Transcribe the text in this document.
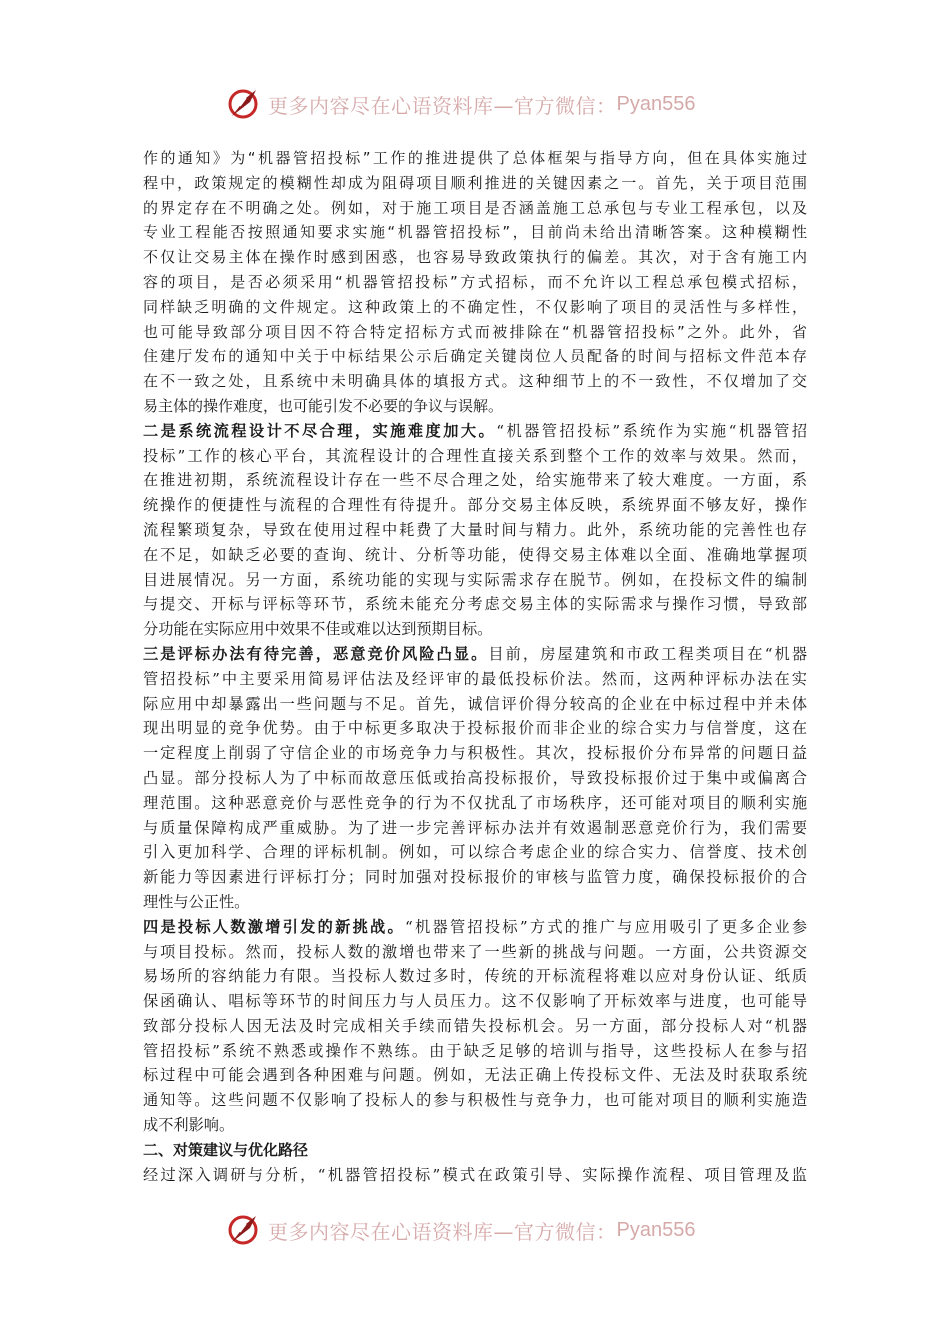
更多内容尽在心语资料库—官方微信： Pyan556
作的通知》为“机器管招投标”工作的推进提供了总体框架与指导方向，但在具体实施过
程中，政策规定的模糊性却成为阻碍项目顺利推进的关键因素之一。首先，关于项目范围
的界定存在不明确之处。例如，对于施工项目是否涵盖施工总承包与专业工程承包，以及
专业工程能否按照通知要求实施“机器管招投标”，目前尚未给出清晰答案。这种模糊性
不仅让交易主体在操作时感到困惑，也容易导致政策执行的偏差。其次，对于含有施工内
容的项目，是否必须采用“机器管招投标”方式招标，而不允许以工程总承包模式招标，
同样缺乏明确的文件规定。这种政策上的不确定性，不仅影响了项目的灵活性与多样性，
也可能导致部分项目因不符合特定招标方式而被排除在“机器管招投标”之外。此外，省
住建厅发布的通知中关于中标结果公示后确定关键岗位人员配备的时间与招标文件范本存
在不一致之处，且系统中未明确具体的填报方式。这种细节上的不一致性，不仅增加了交
易主体的操作难度，也可能引发不必要的争议与误解。
二是系统流程设计不尽合理，实施难度加大。“机器管招投标”系统作为实施“机器管招
投标”工作的核心平台，其流程设计的合理性直接关系到整个工作的效率与效果。然而，
在推进初期，系统流程设计存在一些不尽合理之处，给实施带来了较大难度。一方面，系
统操作的便捷性与流程的合理性有待提升。部分交易主体反映，系统界面不够友好，操作
流程繁琐复杂，导致在使用过程中耗费了大量时间与精力。此外，系统功能的完善性也存
在不足，如缺乏必要的查询、统计、分析等功能，使得交易主体难以全面、准确地掌握项
目进展情况。另一方面，系统功能的实现与实际需求存在脱节。例如，在投标文件的编制
与提交、开标与评标等环节，系统未能充分考虑交易主体的实际需求与操作习惯，导致部
分功能在实际应用中效果不佳或难以达到预期目标。
三是评标办法有待完善，恶意竞价风险凸显。目前，房屋建筑和市政工程类项目在“机器
管招投标”中主要采用简易评估法及经评审的最低投标价法。然而，这两种评标办法在实
际应用中却暴露出一些问题与不足。首先，诚信评价得分较高的企业在中标过程中并未体
现出明显的竞争优势。由于中标更多取决于投标报价而非企业的综合实力与信誉度，这在
一定程度上削弱了守信企业的市场竞争力与积极性。其次，投标报价分布异常的问题日益
凸显。部分投标人为了中标而故意压低或抬高投标报价，导致投标报价过于集中或偏离合
理范围。这种恶意竞价与恶性竞争的行为不仅扰乱了市场秩序，还可能对项目的顺利实施
与质量保障构成严重威胁。为了进一步完善评标办法并有效遏制恶意竞价行为，我们需要
引入更加科学、合理的评标机制。例如，可以综合考虑企业的综合实力、信誉度、技术创
新能力等因素进行评标打分；同时加强对投标报价的审核与监管力度，确保投标报价的合
理性与公正性。
四是投标人数激增引发的新挑战。“机器管招投标”方式的推广与应用吸引了更多企业参
与项目投标。然而，投标人数的激增也带来了一些新的挑战与问题。一方面，公共资源交
易场所的容纳能力有限。当投标人数过多时，传统的开标流程将难以应对身份认证、纸质
保函确认、唱标等环节的时间压力与人员压力。这不仅影响了开标效率与进度，也可能导
致部分投标人因无法及时完成相关手续而错失投标机会。另一方面，部分投标人对“机器
管招投标”系统不熟悉或操作不熟练。由于缺乏足够的培训与指导，这些投标人在参与招
标过程中可能会遇到各种困难与问题。例如，无法正确上传投标文件、无法及时获取系统
通知等。这些问题不仅影响了投标人的参与积极性与竞争力，也可能对项目的顺利实施造
成不利影响。
二、对策建议与优化路径
经过深入调研与分析，“机器管招投标”模式在政策引导、实际操作流程、项目管理及监
更多内容尽在心语资料库—官方微信： Pyan556
